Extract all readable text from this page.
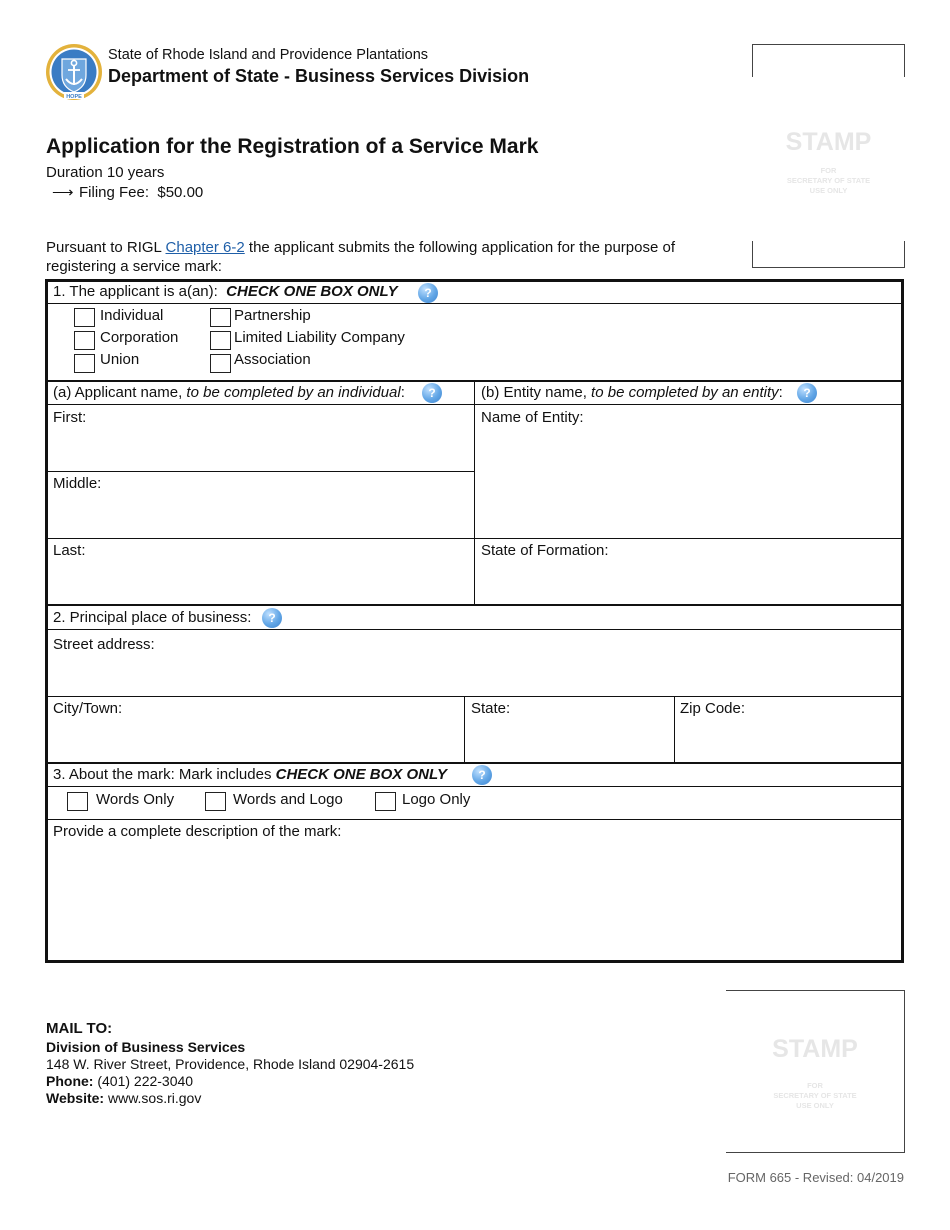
HOPE
State of Rhode Island and Providence Plantations
Department of State - Business Services Division
STAMP
FOR
SECRETARY OF STATE
USE ONLY
Application for the Registration of a Service Mark
Duration 10 years
⟶ Filing Fee: $50.00
Pursuant to RIGL Chapter 6-2 the applicant submits the following application for the purpose of registering a service mark:
1. The applicant is a(an): CHECK ONE BOX ONLY	?
Individual	Partnership
Corporation	Limited Liability Company
Union	Association
(a) Applicant name, to be completed by an individual:	?	(b) Entity name, to be completed by an entity:	?
First:
Middle:
Last:
Name of Entity:
State of Formation:
2. Principal place of business:	?
Street address:
City/Town:	State:	Zip Code:
3. About the mark: Mark includes CHECK ONE BOX ONLY	?
Words Only	Words and Logo	Logo Only
Provide a complete description of the mark:
MAIL TO:
Division of Business Services
148 W. River Street, Providence, Rhode Island 02904-2615
Phone: (401) 222-3040
Website: www.sos.ri.gov
STAMP
FOR
SECRETARY OF STATE
USE ONLY
FORM 665 - Revised: 04/2019
